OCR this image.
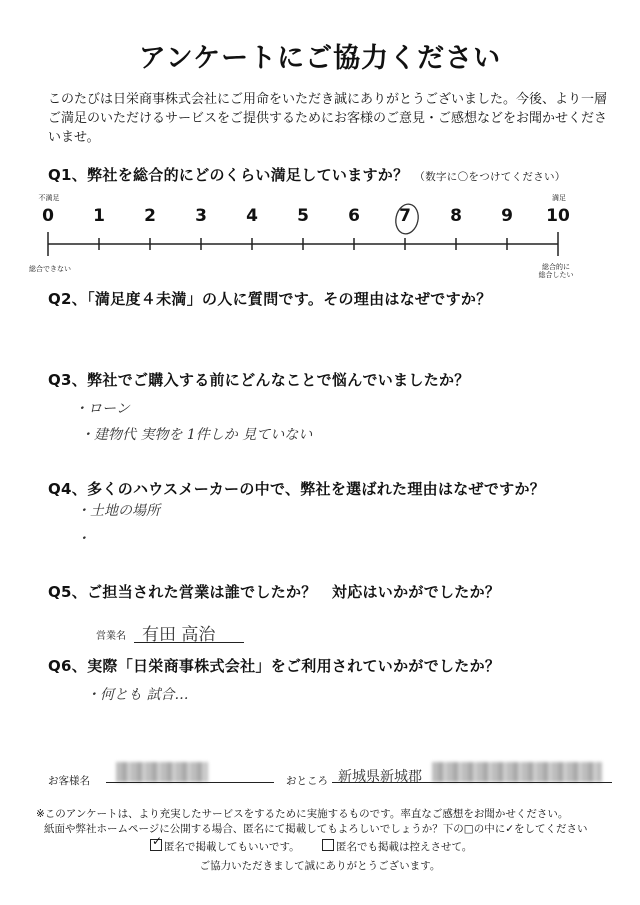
アンケートにご協力ください
このたびは日栄商事株式会社にご用命をいただき誠にありがとうございました。今後、より一層ご満足のいただけるサービスをご提供するためにお客様のご意見・ご感想などをお聞かせくださいませ。
Q1、弊社を総合的にどのくらい満足していますか？ （数字に〇をつけてください）
不満足	満足
0	1	2	3	4	5	6	7	8	9	10
総合できない	総合的に 総合したい
Q2、「満足度４未満」の人に質問です。その理由はなぜですか？
Q3、弊社でご購入する前にどんなことで悩んでいましたか？
・ローン
・建物代 実物を 1件しか 見ていない
Q4、多くのハウスメーカーの中で、弊社を選ばれた理由はなぜですか？
・土地の場所
・
Q5、ご担当された営業は誰でしたか？　対応はいかがでしたか？
営業名 有田 高治
Q6、実際「日栄商事株式会社」をご利用されていかがでしたか？
・何とも 試合…
お客様名	おところ 新城県新城郡
※このアンケートは、より充実したサービスをするために実施するものです。率直なご感想をお聞かせください。
紙面や弊社ホームページに公開する場合、匿名にて掲載してもよろしいでしょうか？下の□の中に✓をしてください
✓ 匿名で掲載してもいいです。	匿名でも掲載は控えさせて。
ご協力いただきまして誠にありがとうございます。
